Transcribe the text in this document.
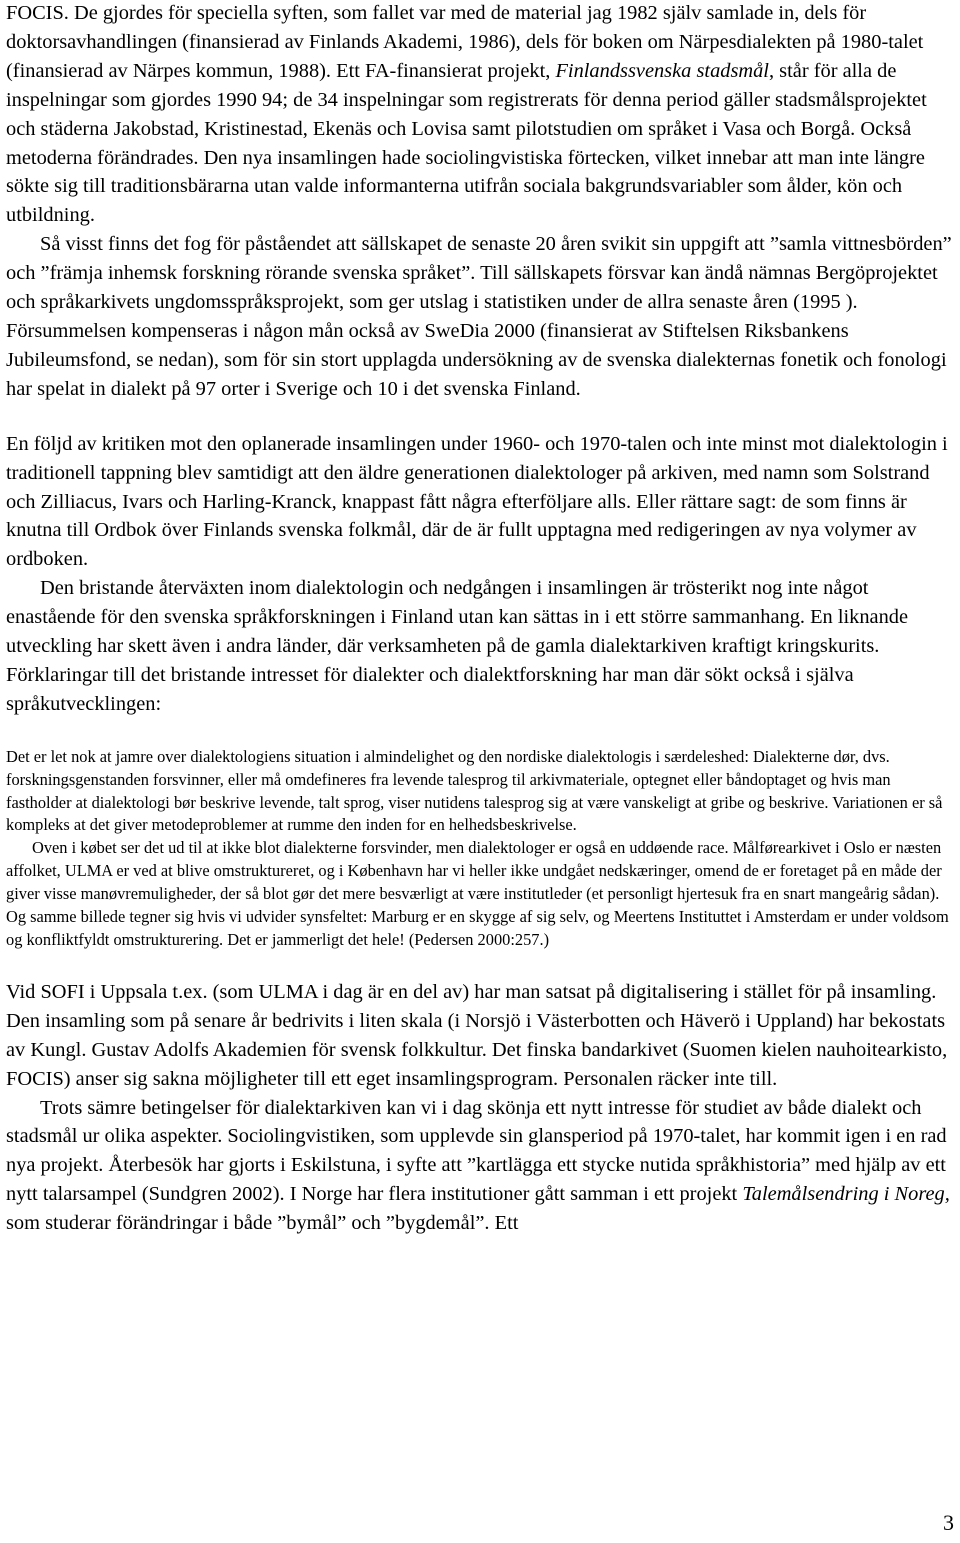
FOCIS. De gjordes för speciella syften, som fallet var med de material jag 1982 själv samlade in, dels för doktorsavhandlingen (finansierad av Finlands Akademi, 1986), dels för boken om Närpesdialekten på 1980-talet (finansierad av Närpes kommun, 1988). Ett FA-finansierat projekt, Finlandssvenska stadsmål, står för alla de inspelningar som gjordes 1990 94; de 34 inspelningar som registrerats för denna period gäller stadsmålsprojektet och städerna Jakobstad, Kristinestad, Ekenäs och Lovisa samt pilotstudien om språket i Vasa och Borgå. Också metoderna förändrades. Den nya insamlingen hade sociolingvistiska förtecken, vilket innebar att man inte längre sökte sig till traditionsbärarna utan valde informanterna utifrån sociala bakgrundsvariabler som ålder, kön och utbildning.

Så visst finns det fog för påståendet att sällskapet de senaste 20 åren svikit sin uppgift att ”samla vittnesbörden” och ”främja inhemsk forskning rörande svenska språket”. Till sällskapets försvar kan ändå nämnas Bergöprojektet och språkarkivets ungdomsspråksprojekt, som ger utslag i statistiken under de allra senaste åren (1995 ). Försummelsen kompenseras i någon mån också av SweDia 2000 (finansierat av Stiftelsen Riksbankens Jubileumsfond, se nedan), som för sin stort upplagda undersökning av de svenska dialekternas fonetik och fonologi har spelat in dialekt på 97 orter i Sverige och 10 i det svenska Finland.

En följd av kritiken mot den oplanerade insamlingen under 1960- och 1970-talen och inte minst mot dialektologin i traditionell tappning blev samtidigt att den äldre generationen dialektologer på arkiven, med namn som Solstrand och Zilliacus, Ivars och Harling-Kranck, knappast fått några efterföljare alls. Eller rättare sagt: de som finns är knutna till Ordbok över Finlands svenska folkmål, där de är fullt upptagna med redigeringen av nya volymer av ordboken.

Den bristande återväxten inom dialektologin och nedgången i insamlingen är trösterikt nog inte något enastående för den svenska språkforskningen i Finland utan kan sättas in i ett större sammanhang. En liknande utveckling har skett även i andra länder, där verksamheten på de gamla dialektarkiven kraftigt kringskurits. Förklaringar till det bristande intresset för dialekter och dialektforskning har man där sökt också i själva språkutvecklingen:

Det er let nok at jamre over dialektologiens situation i almindelighet og den nordiske dialektologis i særdeleshed: Dialekterne dør, dvs. forskningsgenstanden forsvinner, eller må omdefineres fra levende talesprog til arkivmateriale, optegnet eller båndoptaget og hvis man fastholder at dialektologi bør beskrive levende, talt sprog, viser nutidens talesprog sig at være vanskeligt at gribe og beskrive. Variationen er så kompleks at det giver metodeproblemer at rumme den inden for en helhedsbeskrivelse.

Oven i købet ser det ud til at ikke blot dialekterne forsvinder, men dialektologer er også en uddøende race. Målførearkivet i Oslo er næsten affolket, ULMA er ved at blive omstruktureret, og i København har vi heller ikke undgået nedskæringer, omend de er foretaget på en måde der giver visse manøvremuligheder, der så blot gør det mere besværligt at være institutleder (et personligt hjertesuk fra en snart mangeårig sådan). Og samme billede tegner sig hvis vi udvider synsfeltet: Marburg er en skygge af sig selv, og Meertens Instituttet i Amsterdam er under voldsom og konfliktfyldt omstrukturering. Det er jammerligt det hele! (Pedersen 2000:257.)

Vid SOFI i Uppsala t.ex. (som ULMA i dag är en del av) har man satsat på digitalisering i stället för på insamling. Den insamling som på senare år bedrivits i liten skala (i Norsjö i Västerbotten och Häverö i Uppland) har bekostats av Kungl. Gustav Adolfs Akademien för svensk folkkultur. Det finska bandarkivet (Suomen kielen nauhoitearkisto, FOCIS) anser sig sakna möjligheter till ett eget insamlingsprogram. Personalen räcker inte till.

Trots sämre betingelser för dialektarkiven kan vi i dag skönja ett nytt intresse för studiet av både dialekt och stadsmål ur olika aspekter. Sociolingvistiken, som upplevde sin glansperiod på 1970-talet, har kommit igen i en rad nya projekt. Återbesök har gjorts i Eskilstuna, i syfte att ”kartlägga ett stycke nutida språkhistoria” med hjälp av ett nytt talarsampel (Sundgren 2002). I Norge har flera institutioner gått samman i ett projekt Talemålsendring i Noreg, som studerar förändringar i både ”bymål” och ”bygdemål”. Ett

3
